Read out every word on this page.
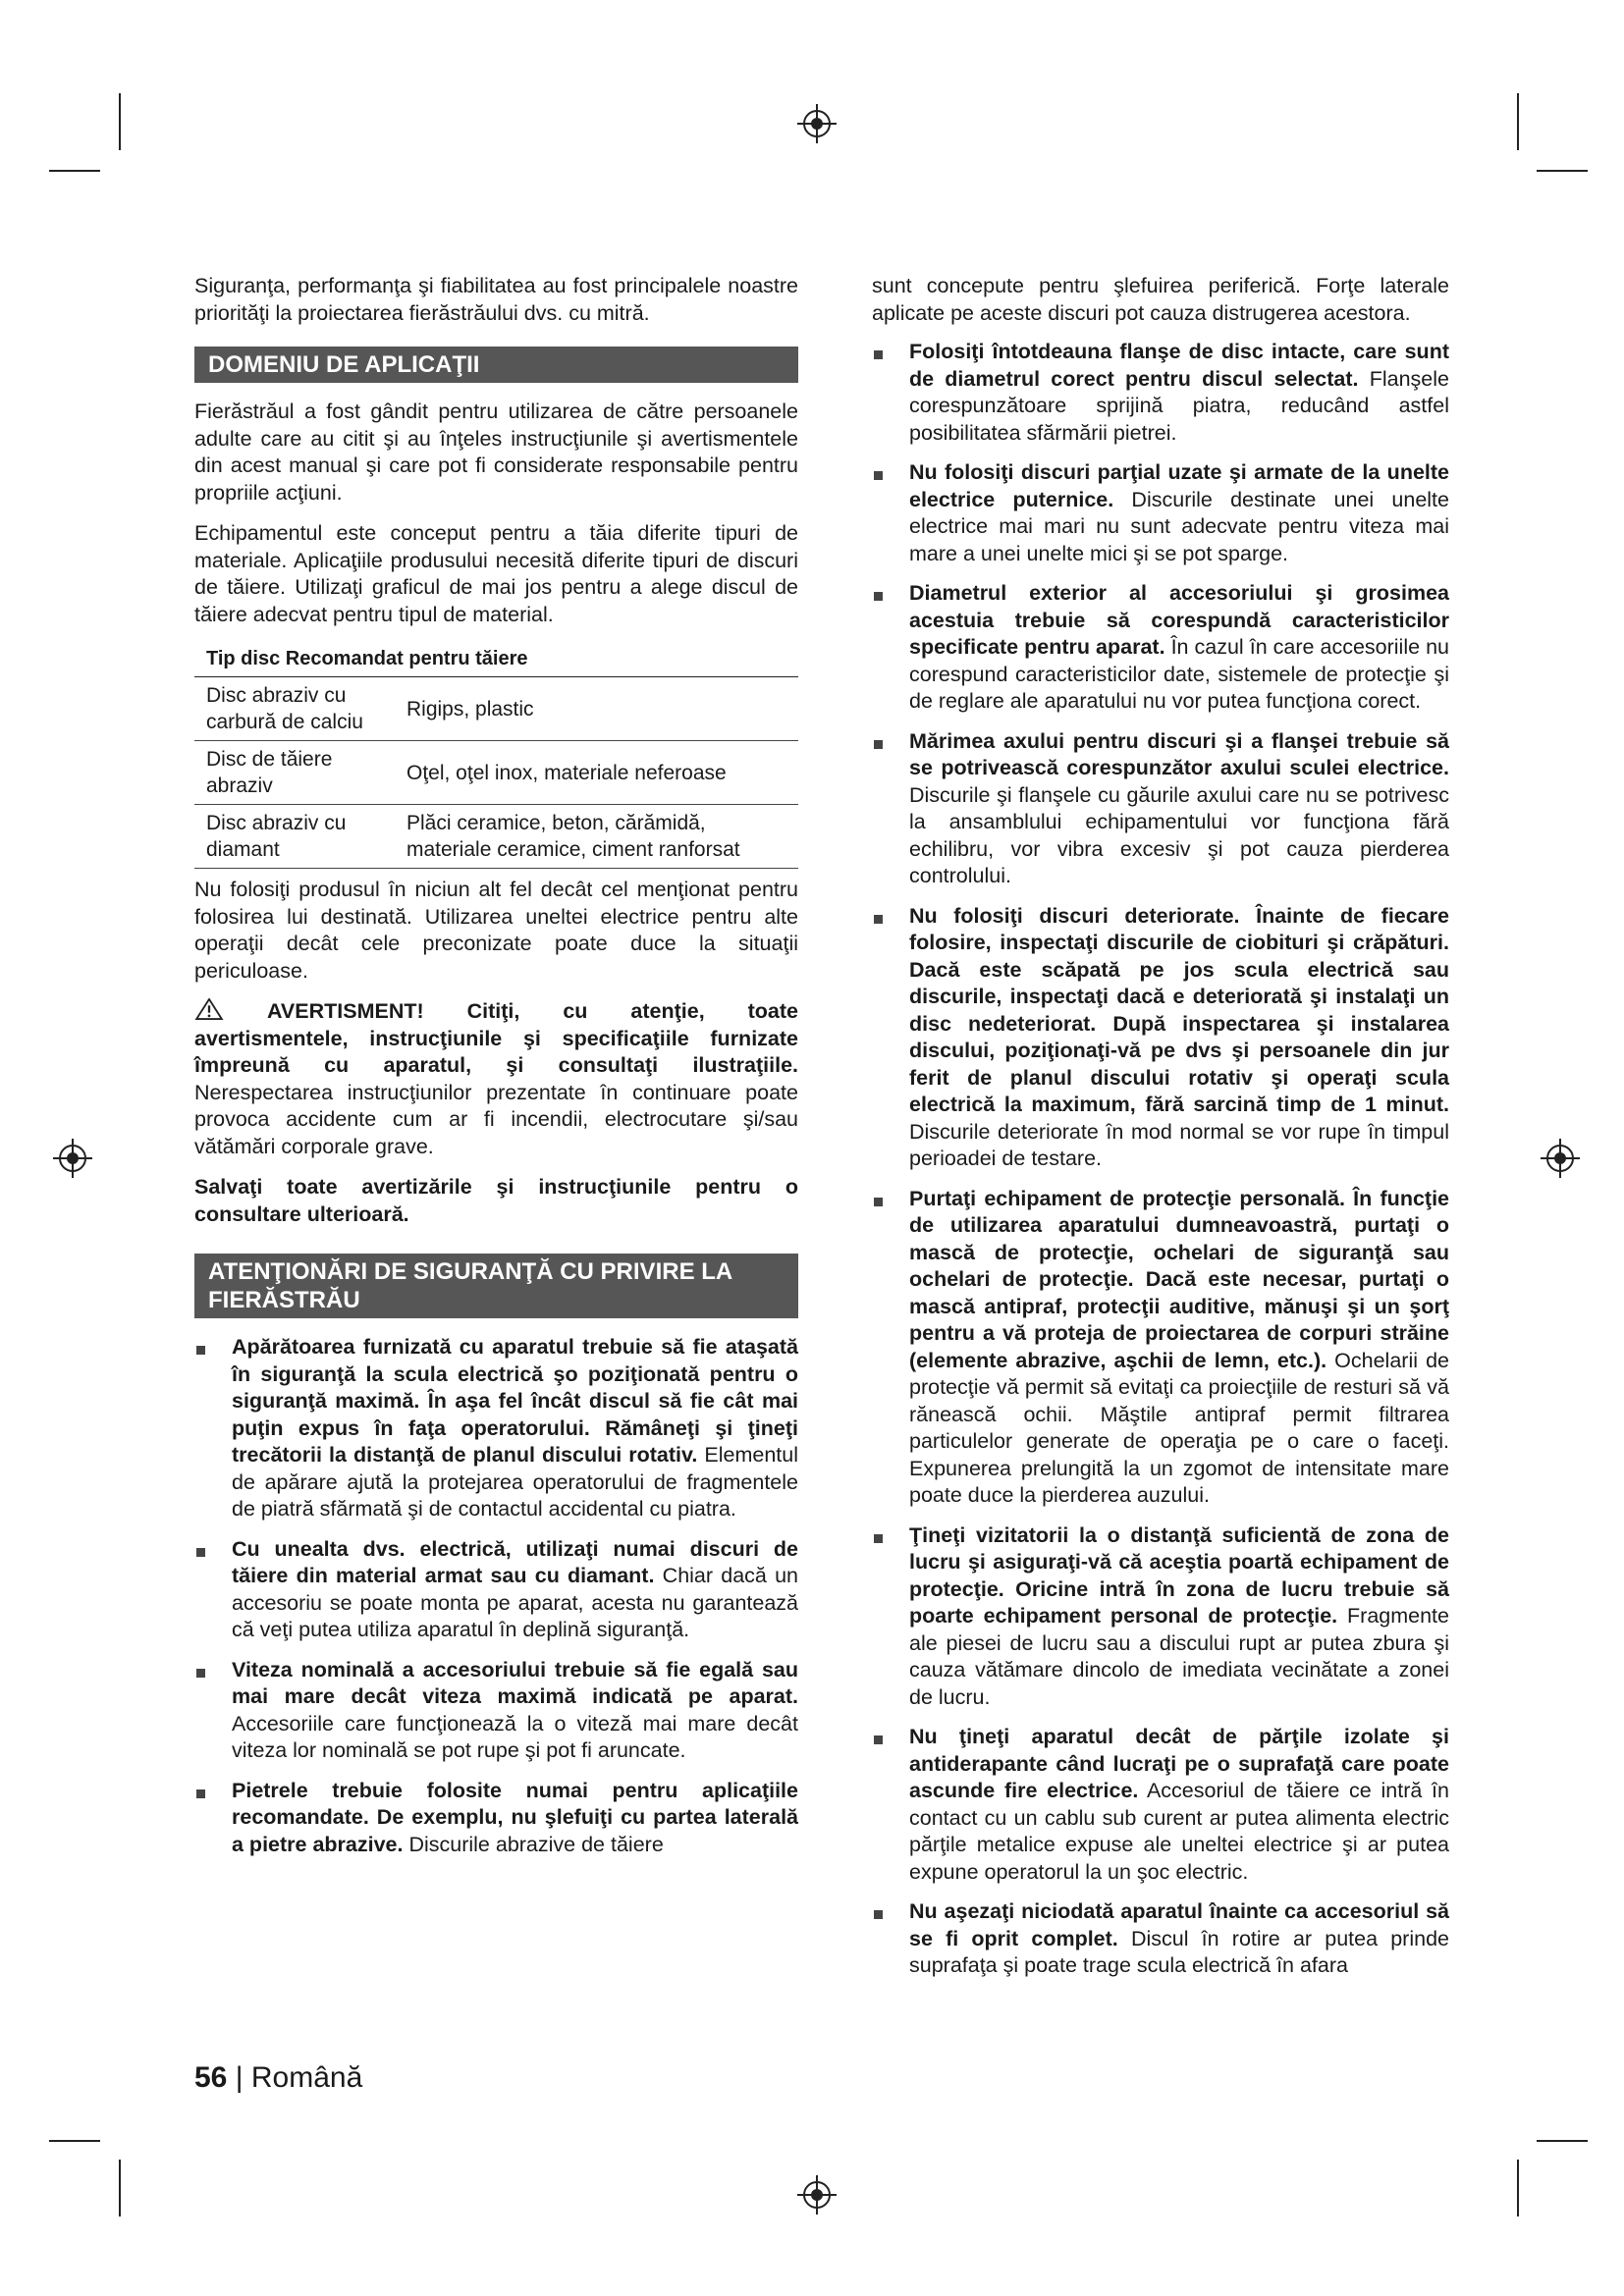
Siguranţa, performanţa şi fiabilitatea au fost principalele noastre priorităţi la proiectarea fierăstrăului dvs. cu mitră.

DOMENIU DE APLICAŢII

Fierăstrăul a fost gândit pentru utilizarea de către persoanele adulte care au citit şi au înţeles instrucţiunile şi avertismentele din acest manual şi care pot fi considerate responsabile pentru propriile acţiuni.

Echipamentul este conceput pentru a tăia diferite tipuri de materiale. Aplicaţiile produsului necesită diferite tipuri de discuri de tăiere. Utilizaţi graficul de mai jos pentru a alege discul de tăiere adecvat pentru tipul de material.

Tip disc Recomandat pentru tăiere	
Disc abraziv cu carbură de calciu	Rigips, plastic
Disc de tăiere abraziv	Oţel, oţel inox, materiale neferoase
Disc abraziv cu diamant	Plăci ceramice, beton, cărămidă, materiale ceramice, ciment ranforsat

Nu folosiţi produsul în niciun alt fel decât cel menţionat pentru folosirea lui destinată. Utilizarea uneltei electrice pentru alte operaţii decât cele preconizate poate duce la situaţii periculoase.

AVERTISMENT! Citiţi, cu atenţie, toate avertismentele, instrucţiunile şi specificaţiile furnizate împreună cu aparatul, şi consultaţi ilustraţiile. Nerespectarea instrucţiunilor prezentate în continuare poate provoca accidente cum ar fi incendii, electrocutare şi/sau vătămări corporale grave.

Salvaţi toate avertizările şi instrucţiunile pentru o consultare ulterioară.

ATENŢIONĂRI DE SIGURANŢĂ CU PRIVIRE LA FIERĂSTRĂU

Apărătoarea furnizată cu aparatul trebuie să fie ataşată în siguranţă la scula electrică şo poziţionată pentru o siguranţă maximă. În aşa fel încât discul să fie cât mai puţin expus în faţa operatorului. Rămâneţi şi ţineţi trecătorii la distanţă de planul discului rotativ. Elementul de apărare ajută la protejarea operatorului de fragmentele de piatră sfărmată şi de contactul accidental cu piatra.

Cu unealta dvs. electrică, utilizaţi numai discuri de tăiere din material armat sau cu diamant. Chiar dacă un accesoriu se poate monta pe aparat, acesta nu garantează că veţi putea utiliza aparatul în deplină siguranţă.

Viteza nominală a accesoriului trebuie să fie egală sau mai mare decât viteza maximă indicată pe aparat. Accesoriile care funcţionează la o viteză mai mare decât viteza lor nominală se pot rupe şi pot fi aruncate.

Pietrele trebuie folosite numai pentru aplicaţiile recomandate. De exemplu, nu şlefuiţi cu partea laterală a pietre abrazive. Discurile abrazive de tăiere

sunt concepute pentru şlefuirea periferică. Forţe laterale aplicate pe aceste discuri pot cauza distrugerea acestora.

Folosiţi întotdeauna flanşe de disc intacte, care sunt de diametrul corect pentru discul selectat. Flanşele corespunzătoare sprijină piatra, reducând astfel posibilitatea sfărmării pietrei.

Nu folosiţi discuri parţial uzate şi armate de la unelte electrice puternice. Discurile destinate unei unelte electrice mai mari nu sunt adecvate pentru viteza mai mare a unei unelte mici şi se pot sparge.

Diametrul exterior al accesoriului şi grosimea acestuia trebuie să corespundă caracteristicilor specificate pentru aparat. În cazul în care accesoriile nu corespund caracteristicilor date, sistemele de protecţie şi de reglare ale aparatului nu vor putea funcţiona corect.

Mărimea axului pentru discuri şi a flanşei trebuie să se potrivească corespunzător axului sculei electrice. Discurile şi flanşele cu găurile axului care nu se potrivesc la ansamblului echipamentului vor funcţiona fără echilibru, vor vibra excesiv şi pot cauza pierderea controlului.

Nu folosiţi discuri deteriorate. Înainte de fiecare folosire, inspectaţi discurile de ciobituri şi crăpături. Dacă este scăpată pe jos scula electrică sau discurile, inspectaţi dacă e deteriorată şi instalaţi un disc nedeteriorat. După inspectarea şi instalarea discului, poziţionaţi-vă pe dvs şi persoanele din jur ferit de planul discului rotativ şi operaţi scula electrică la maximum, fără sarcină timp de 1 minut. Discurile deteriorate în mod normal se vor rupe în timpul perioadei de testare.

Purtaţi echipament de protecţie personală. În funcţie de utilizarea aparatului dumneavoastră, purtaţi o mască de protecţie, ochelari de siguranţă sau ochelari de protecţie. Dacă este necesar, purtaţi o mască antipraf, protecţii auditive, mănuşi şi un şorţ pentru a vă proteja de proiectarea de corpuri străine (elemente abrazive, aşchii de lemn, etc.). Ochelarii de protecţie vă permit să evitaţi ca proiecţiile de resturi să vă rănească ochii. Măştile antipraf permit filtrarea particulelor generate de operaţia pe o care o faceţi. Expunerea prelungită la un zgomot de intensitate mare poate duce la pierderea auzului.

Ţineţi vizitatorii la o distanţă suficientă de zona de lucru şi asiguraţi-vă că aceştia poartă echipament de protecţie. Oricine intră în zona de lucru trebuie să poarte echipament personal de protecţie. Fragmente ale piesei de lucru sau a discului rupt ar putea zbura şi cauza vătămare dincolo de imediata vecinătate a zonei de lucru.

Nu ţineţi aparatul decât de părţile izolate şi antiderapante când lucraţi pe o suprafaţă care poate ascunde fire electrice. Accesoriul de tăiere ce intră în contact cu un cablu sub curent ar putea alimenta electric părţile metalice expuse ale uneltei electrice şi ar putea expune operatorul la un şoc electric.

Nu aşezaţi niciodată aparatul înainte ca accesoriul să se fi oprit complet. Discul în rotire ar putea prinde suprafaţa şi poate trage scula electrică în afara

56 | Română
